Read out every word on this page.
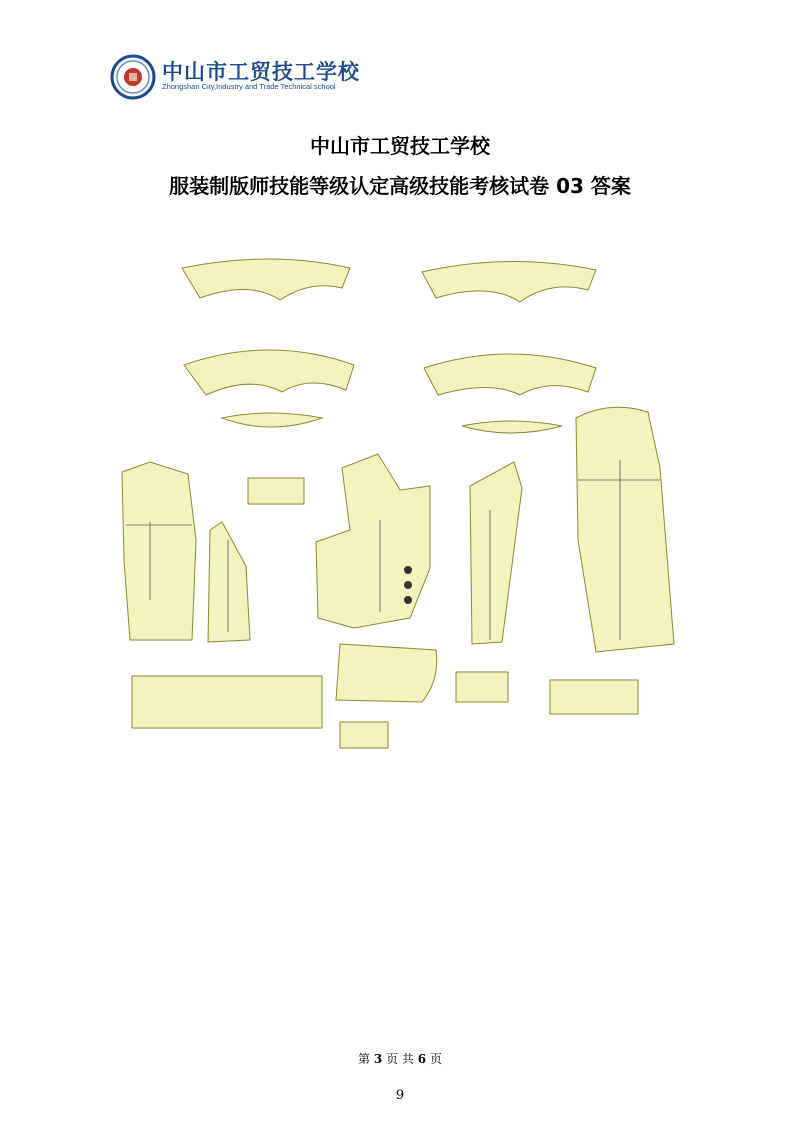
中山市工贸技工学校
Zhongshan City,Industry and Trade Technical school
中山市工贸技工学校
服装制版师技能等级认定高级技能考核试卷 03 答案
第 3 页 共 6 页
9
